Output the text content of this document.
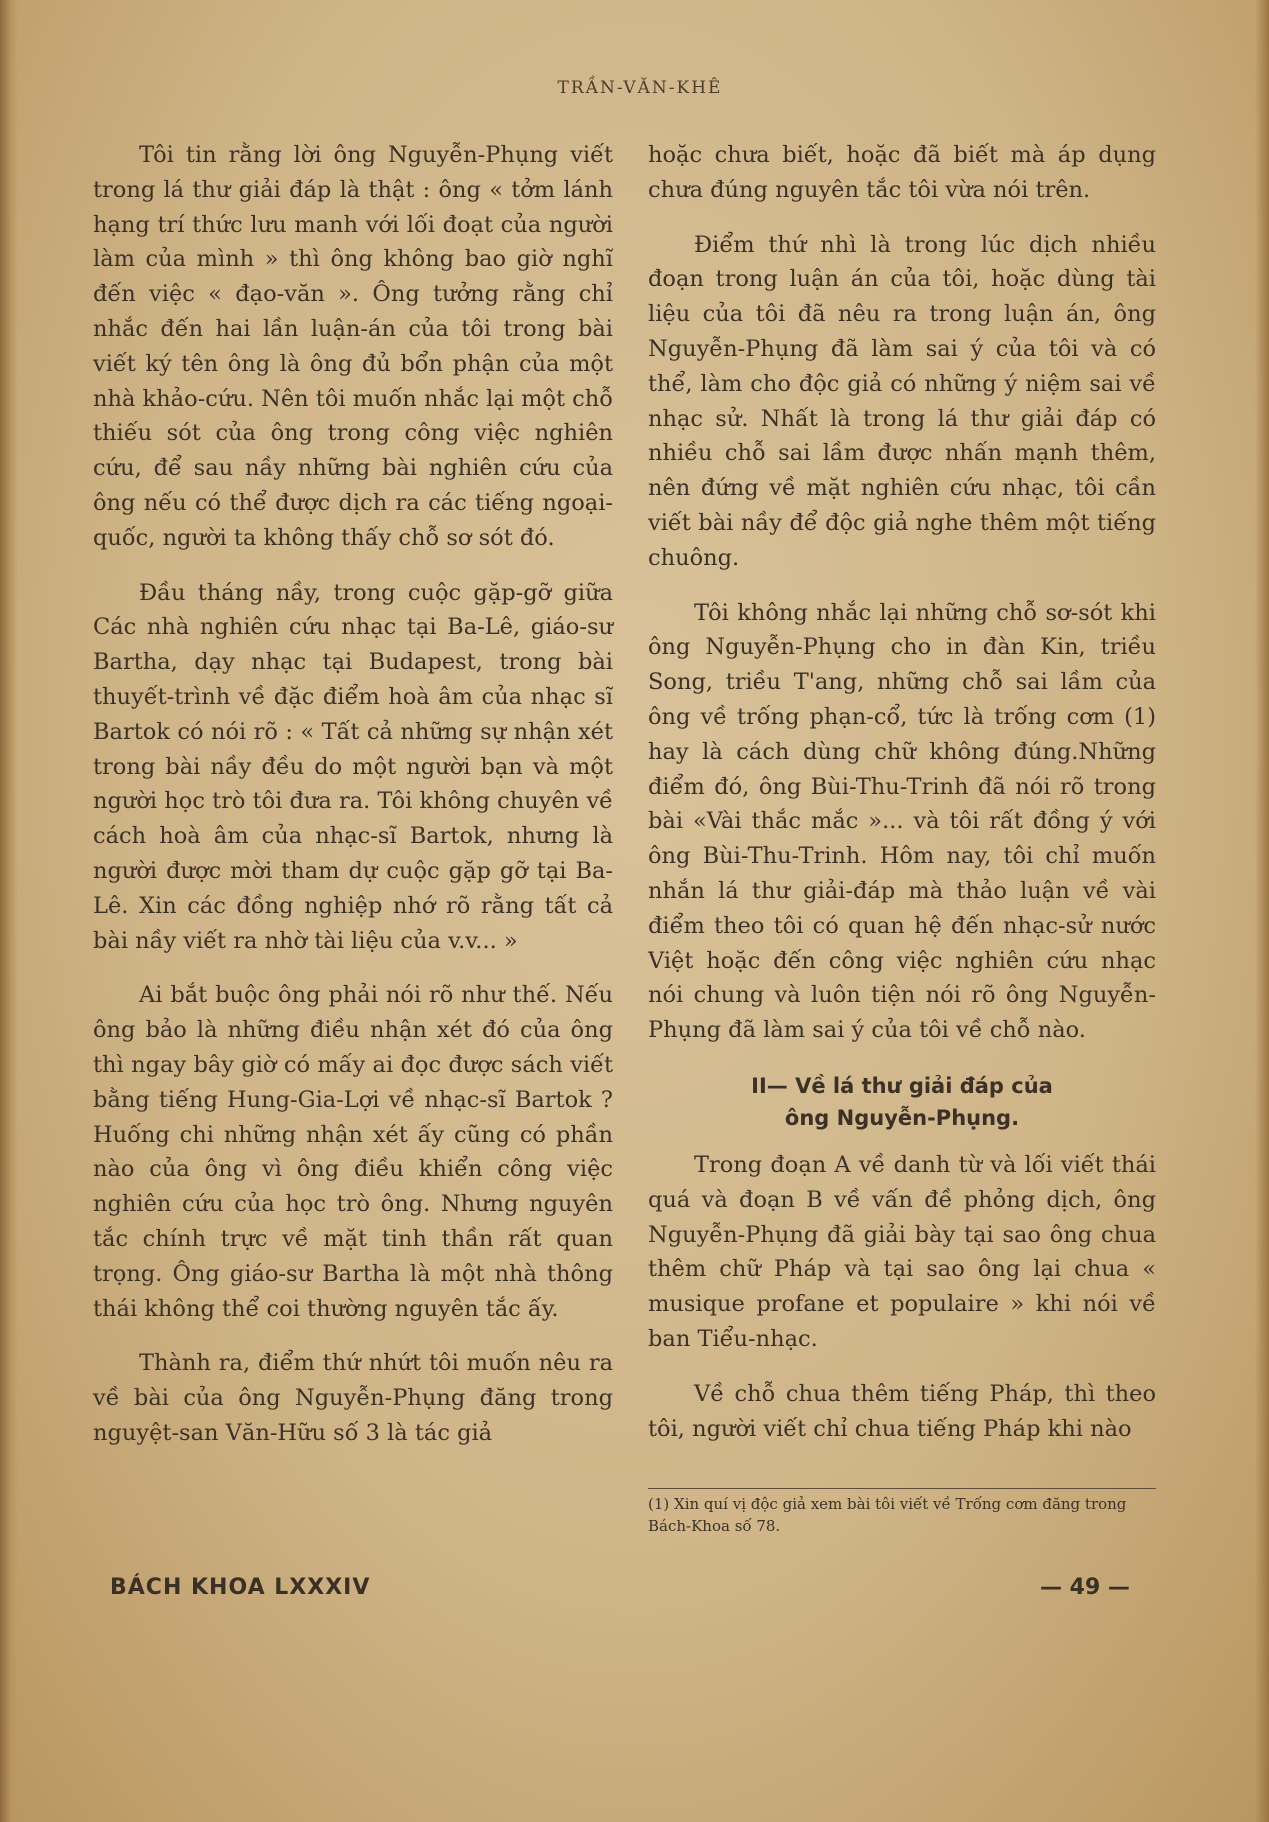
TRẦN-VĂN-KHÊ

Tôi tin rằng lời ông Nguyễn-Phụng viết trong lá thư giải đáp là thật : ông « tởm lánh hạng trí thức lưu manh với lối đoạt của người làm của mình » thì ông không bao giờ nghĩ đến việc « đạo-văn ». Ông tưởng rằng chỉ nhắc đến hai lần luận-án của tôi trong bài viết ký tên ông là ông đủ bổn phận của một nhà khảo-cứu. Nên tôi muốn nhắc lại một chỗ thiếu sót của ông trong công việc nghiên cứu, để sau nầy những bài nghiên cứu của ông nếu có thể được dịch ra các tiếng ngoại-quốc, người ta không thấy chỗ sơ sót đó.

Đầu tháng nầy, trong cuộc gặp-gỡ giữa Các nhà nghiên cứu nhạc tại Ba-Lê, giáo-sư Bartha, dạy nhạc tại Budapest, trong bài thuyết-trình về đặc điểm hoà âm của nhạc sĩ Bartok có nói rõ : « Tất cả những sự nhận xét trong bài nầy đều do một người bạn và một người học trò tôi đưa ra. Tôi không chuyên về cách hoà âm của nhạc-sĩ Bartok, nhưng là người được mời tham dự cuộc gặp gỡ tại Ba-Lê. Xin các đồng nghiệp nhớ rõ rằng tất cả bài nầy viết ra nhờ tài liệu của v.v... »

Ai bắt buộc ông phải nói rõ như thế. Nếu ông bảo là những điều nhận xét đó của ông thì ngay bây giờ có mấy ai đọc được sách viết bằng tiếng Hung-Gia-Lợi về nhạc-sĩ Bartok ? Huống chi những nhận xét ấy cũng có phần nào của ông vì ông điều khiển công việc nghiên cứu của học trò ông. Nhưng nguyên tắc chính trực về mặt tinh thần rất quan trọng. Ông giáo-sư Bartha là một nhà thông thái không thể coi thường nguyên tắc ấy.

Thành ra, điểm thứ nhứt tôi muốn nêu ra về bài của ông Nguyễn-Phụng đăng trong nguyệt-san Văn-Hữu số 3 là tác giả

hoặc chưa biết, hoặc đã biết mà áp dụng chưa đúng nguyên tắc tôi vừa nói trên.

Điểm thứ nhì là trong lúc dịch nhiều đoạn trong luận án của tôi, hoặc dùng tài liệu của tôi đã nêu ra trong luận án, ông Nguyễn-Phụng đã làm sai ý của tôi và có thể, làm cho độc giả có những ý niệm sai về nhạc sử. Nhất là trong lá thư giải đáp có nhiều chỗ sai lầm được nhấn mạnh thêm, nên đứng về mặt nghiên cứu nhạc, tôi cần viết bài nầy để độc giả nghe thêm một tiếng chuông.

Tôi không nhắc lại những chỗ sơ-sót khi ông Nguyễn-Phụng cho in đàn Kin, triều Song, triều T'ang, những chỗ sai lầm của ông về trống phạn-cổ, tức là trống cơm (1) hay là cách dùng chữ không đúng.Những điểm đó, ông Bùi-Thu-Trinh đã nói rõ trong bài «Vài thắc mắc »... và tôi rất đồng ý với ông Bùi-Thu-Trinh. Hôm nay, tôi chỉ muốn nhắn lá thư giải-đáp mà thảo luận về vài điểm theo tôi có quan hệ đến nhạc-sử nước Việt hoặc đến công việc nghiên cứu nhạc nói chung và luôn tiện nói rõ ông Nguyễn-Phụng đã làm sai ý của tôi về chỗ nào.

II— Về lá thư giải đáp của
ông Nguyễn-Phụng.

Trong đoạn A về danh từ và lối viết thái quá và đoạn B về vấn đề phỏng dịch, ông Nguyễn-Phụng đã giải bày tại sao ông chua thêm chữ Pháp và tại sao ông lại chua « musique profane et populaire » khi nói về ban Tiểu-nhạc.

Về chỗ chua thêm tiếng Pháp, thì theo tôi, người viết chỉ chua tiếng Pháp khi nào

(1) Xin quí vị độc giả xem bài tôi viết về Trống cơm đăng trong Bách-Khoa số 78.
BÁCH KHOA LXXXIV	— 49 —
